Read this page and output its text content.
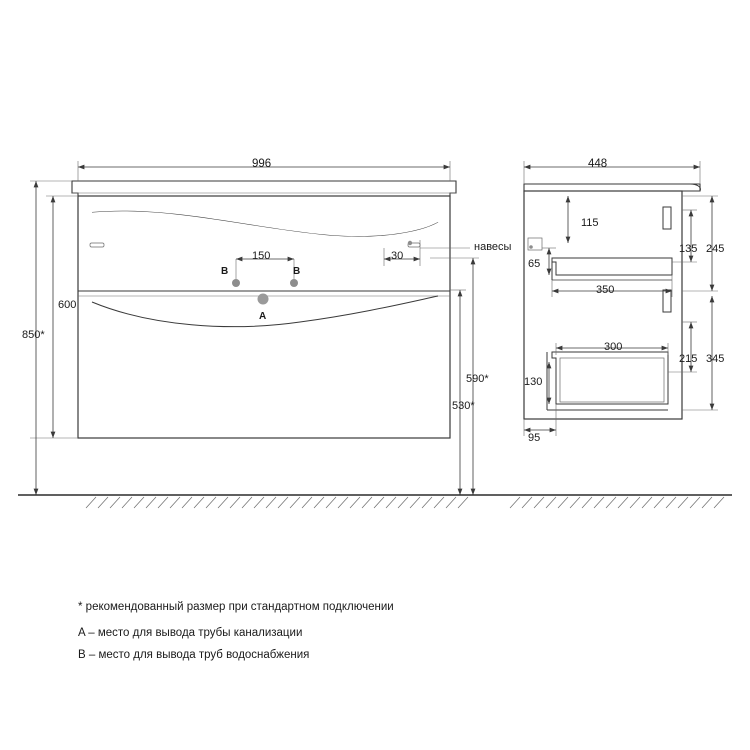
996
150	30
600
850*
590*
530*
B	B
A
навесы
448
115
65
350
300
130
135 245
215 345
95
* рекомендованный размер при стандартном подключении
A – место для вывода трубы канализации
B – место для вывода труб водоснабжения
